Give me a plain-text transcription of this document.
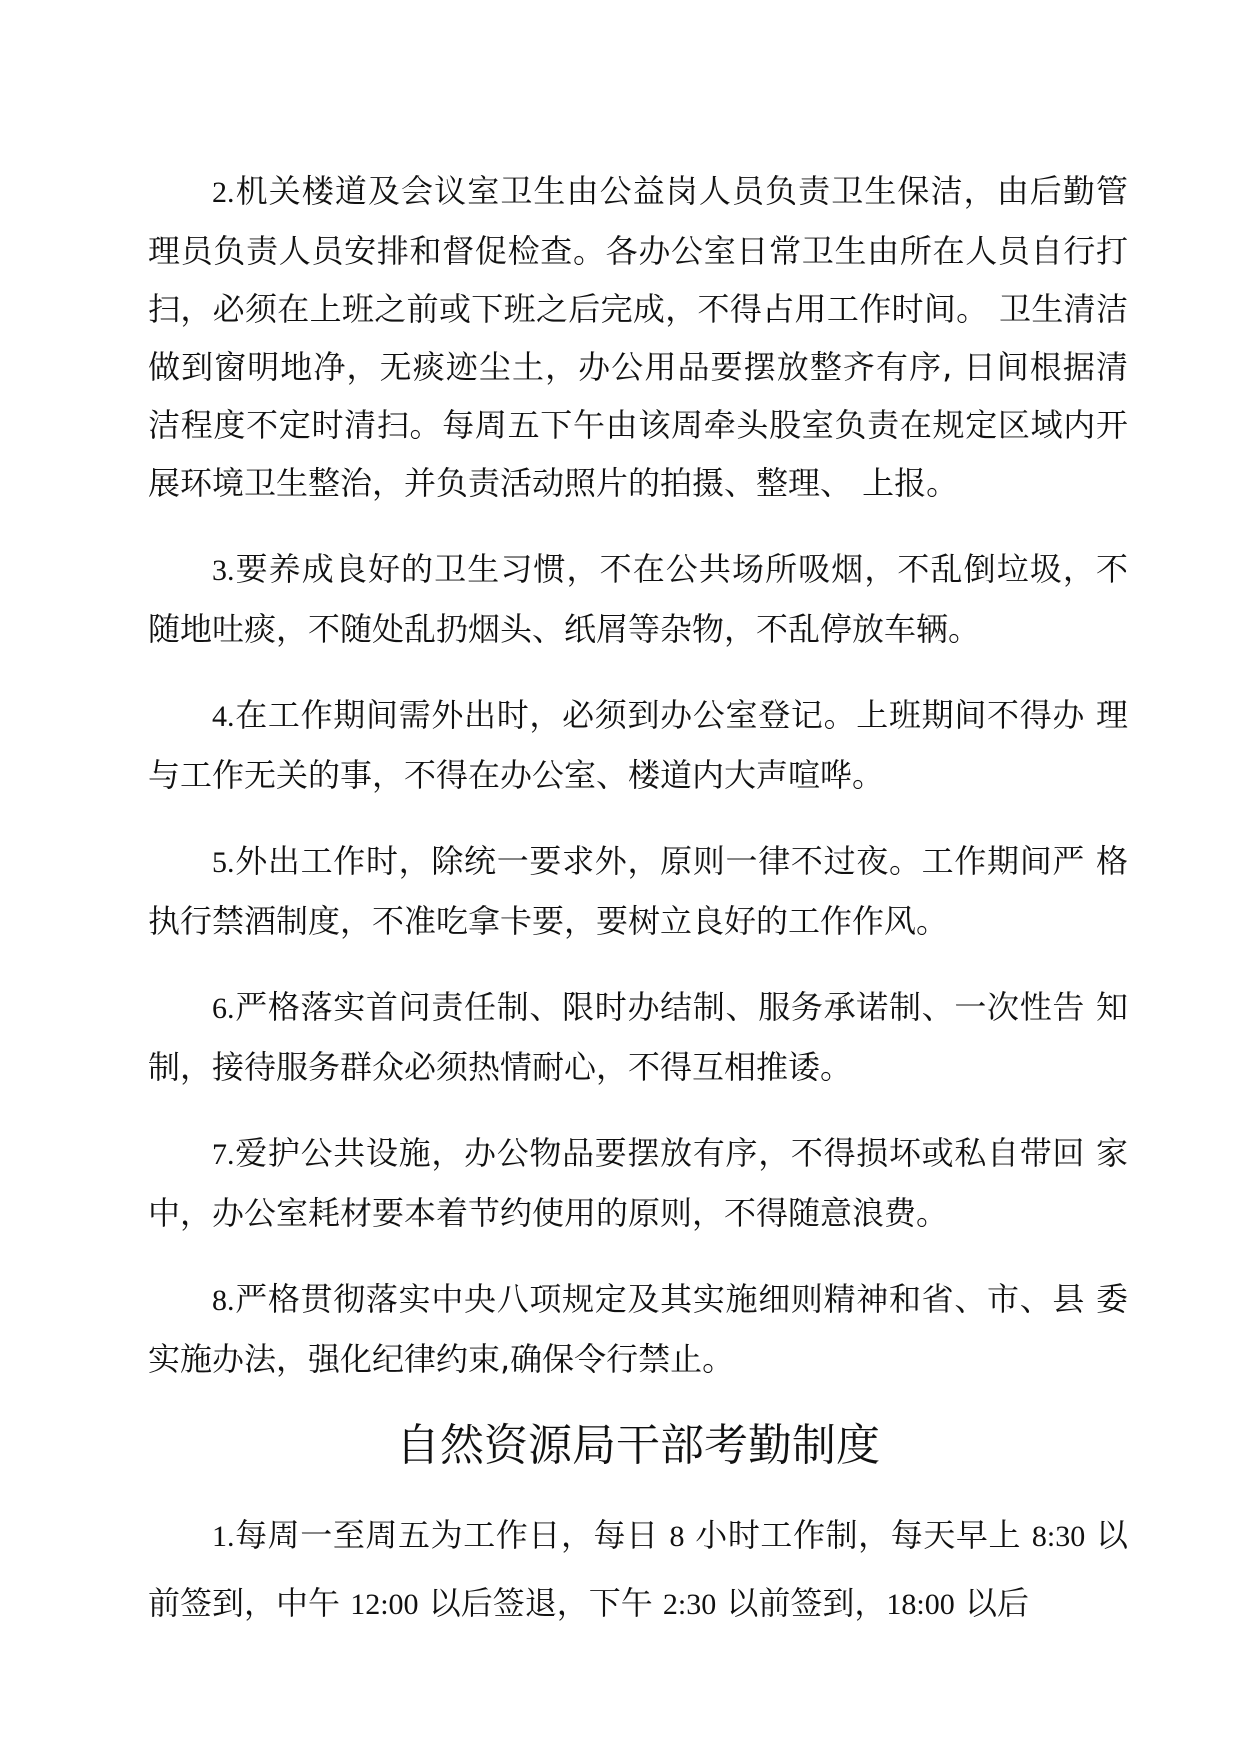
2.机关楼道及会议室卫生由公益岗人员负责卫生保洁，由后勤管理员负责人员安排和督促检查。各办公室日常卫生由所在人员自行打扫，必须在上班之前或下班之后完成，不得占用工作时间。 卫生清洁做到窗明地净，无痰迹尘土，办公用品要摆放整齐有序, 日间根据清洁程度不定时清扫。每周五下午由该周牵头股室负责在规定区域内开展环境卫生整治，并负责活动照片的拍摄、整理、 上报。

3.要养成良好的卫生习惯，不在公共场所吸烟，不乱倒垃圾，不随地吐痰，不随处乱扔烟头、纸屑等杂物，不乱停放车辆。

4.在工作期间需外出时，必须到办公室登记。上班期间不得办 理与工作无关的事，不得在办公室、楼道内大声喧哗。

5.外出工作时，除统一要求外，原则一律不过夜。工作期间严 格执行禁酒制度，不准吃拿卡要，要树立良好的工作作风。

6.严格落实首问责任制、限时办结制、服务承诺制、一次性告 知制，接待服务群众必须热情耐心，不得互相推诿。

7.爱护公共设施，办公物品要摆放有序，不得损坏或私自带回 家中，办公室耗材要本着节约使用的原则，不得随意浪费。

8.严格贯彻落实中央八项规定及其实施细则精神和省、市、县 委实施办法，强化纪律约束,确保令行禁止。

自然资源局干部考勤制度

1.每周一至周五为工作日，每日 8 小时工作制，每天早上 8:30 以前签到，中午 12:00 以后签退，下午 2:30 以前签到，18:00 以后
